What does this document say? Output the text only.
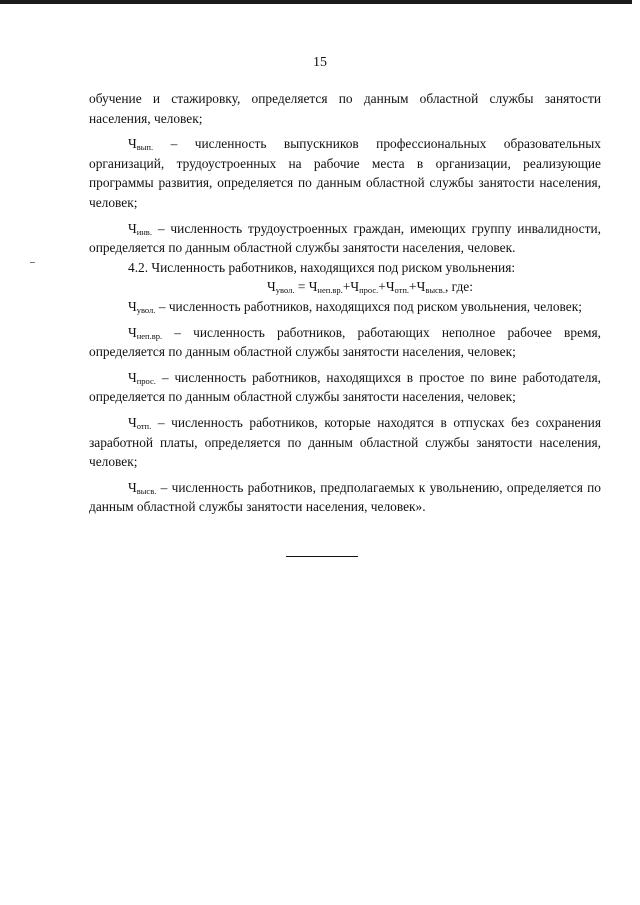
15

обучение и стажировку, определяется по данным областной службы занятости населения, человек;

$Ч_{вып.}$ – численность выпускников профессиональных образовательных организаций, трудоустроенных на рабочие места в организации, реализующие программы развития, определяется по данным областной службы занятости населения, человек;

$Ч_{инв.}$ – численность трудоустроенных граждан, имеющих группу инвалидности, определяется по данным областной службы занятости населения, человек.

4.2. Численность работников, находящихся под риском увольнения:

$Ч_{увол.} = Ч_{неп.вр.}+Ч_{прос.}+Ч_{отп.}+Ч_{высв.}$, где:

$Ч_{увол.}$ – численность работников, находящихся под риском увольнения, человек;

$Ч_{неп.вр.}$ – численность работников, работающих неполное рабочее время, определяется по данным областной службы занятости населения, человек;

$Ч_{прос.}$ – численность работников, находящихся в простое по вине работодателя, определяется по данным областной службы занятости населения, человек;

$Ч_{отп.}$ – численность работников, которые находятся в отпусках без сохранения заработной платы, определяется по данным областной службы занятости населения, человек;

$Ч_{высв.}$ – численность работников, предполагаемых к увольнению, определяется по данным областной службы занятости населения, человек».
